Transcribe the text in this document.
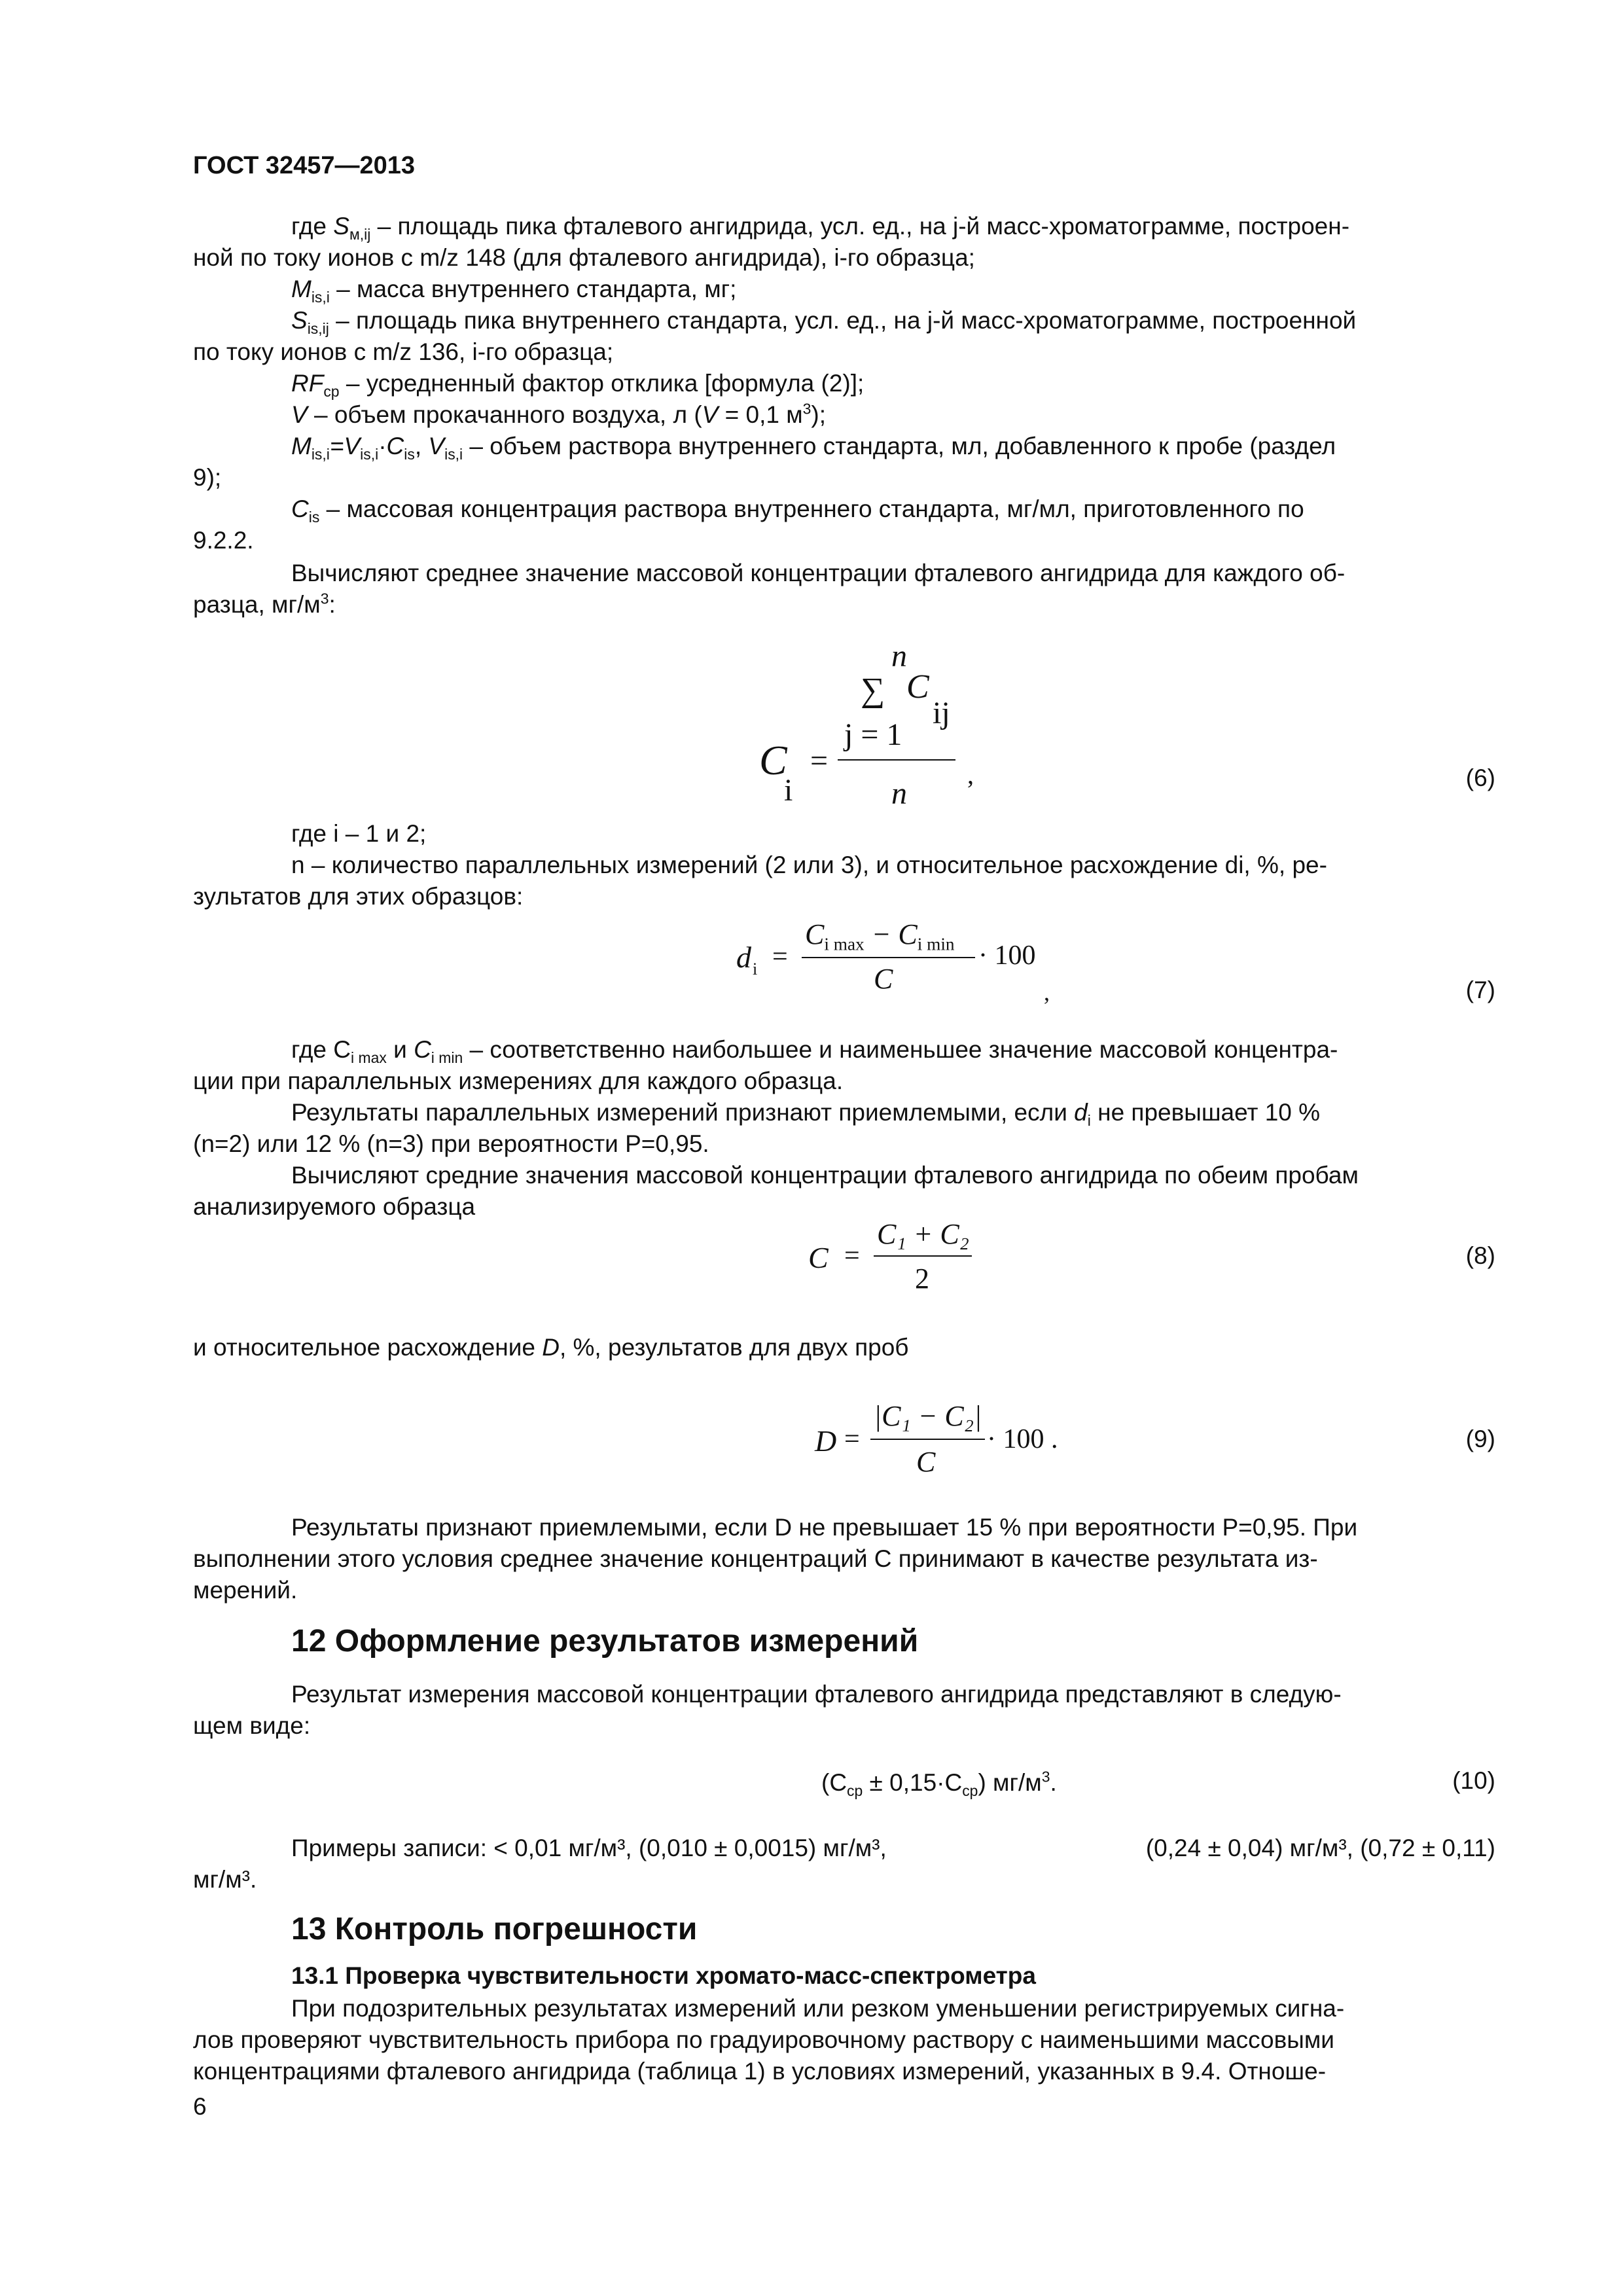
ГОСТ 32457—2013
где $S_{м,ij}$ – площадь пика фталевого ангидрида, усл. ед., на j-й масс-хроматограмме, построен-
ной по току ионов с m/z 148 (для фталевого ангидрида), i-го образца;
$M_{is,i}$ – масса внутреннего стандарта, мг;
$S_{is,ij}$ – площадь пика внутреннего стандарта, усл. ед., на j-й масс-хроматограмме, построенной
по току ионов с m/z 136, i-го образца;
$RF_{ср}$ – усредненный фактор отклика [формула (2)];
V – объем прокачанного воздуха, л (V = 0,1 $м^3$);
$M_{is,i}=V_{is,i}\cdot C_{is}$, $V_{is,i}$ – объем раствора внутреннего стандарта, мл, добавленного к пробе (раздел
9);
$C_{is}$ – массовая концентрация раствора внутреннего стандарта, мг/мл, приготовленного по
9.2.2.
Вычисляют среднее значение массовой концентрации фталевого ангидрида для каждого об-
разца, $мг/м^3$:
n
∑ C
ij
j = 1
C
i
=
n
,	(6)
где i – 1 и 2;
n – количество параллельных измерений (2 или 3), и относительное расхождение di, %, ре-
зультатов для этих образцов:
d i =
$C_{i max} - C_{i min}$
C
· 100
,	(7)
где $C_{i max}$ и $C_{i min}$ – соответственно наибольшее и наименьшее значение массовой концентра-
ции при параллельных измерениях для каждого образца.
Результаты параллельных измерений признают приемлемыми, если $d_i$ не превышает 10 %
(n=2) или 12 % (n=3) при вероятности P=0,95.
Вычисляют средние значения массовой концентрации фталевого ангидрида по обеим пробам
анализируемого образца
C =
C₁ + C₂
2
(8)
и относительное расхождение D, %, результатов для двух проб
D =
|C₁ − C₂|
C
· 100 .	(9)
Результаты признают приемлемыми, если D не превышает 15 % при вероятности P=0,95. При
выполнении этого условия среднее значение концентраций C принимают в качестве результата из-
мерений.
12 Оформление результатов измерений
Результат измерения массовой концентрации фталевого ангидрида представляют в следую-
щем виде:
$(C_{ср} \pm 0,15\cdot C_{ср})$ $мг/м^3$.	(10)
Примеры записи: < 0,01 мг/м³, (0,010 ± 0,0015) мг/м³,	(0,24 ± 0,04) мг/м³, (0,72 ± 0,11)
мг/м³.
13 Контроль погрешности
13.1 Проверка чувствительности хромато-масс-спектрометра
При подозрительных результатах измерений или резком уменьшении регистрируемых сигна-
лов проверяют чувствительность прибора по градуировочному раствору с наименьшими массовыми
концентрациями фталевого ангидрида (таблица 1) в условиях измерений, указанных в 9.4. Отноше-
6
